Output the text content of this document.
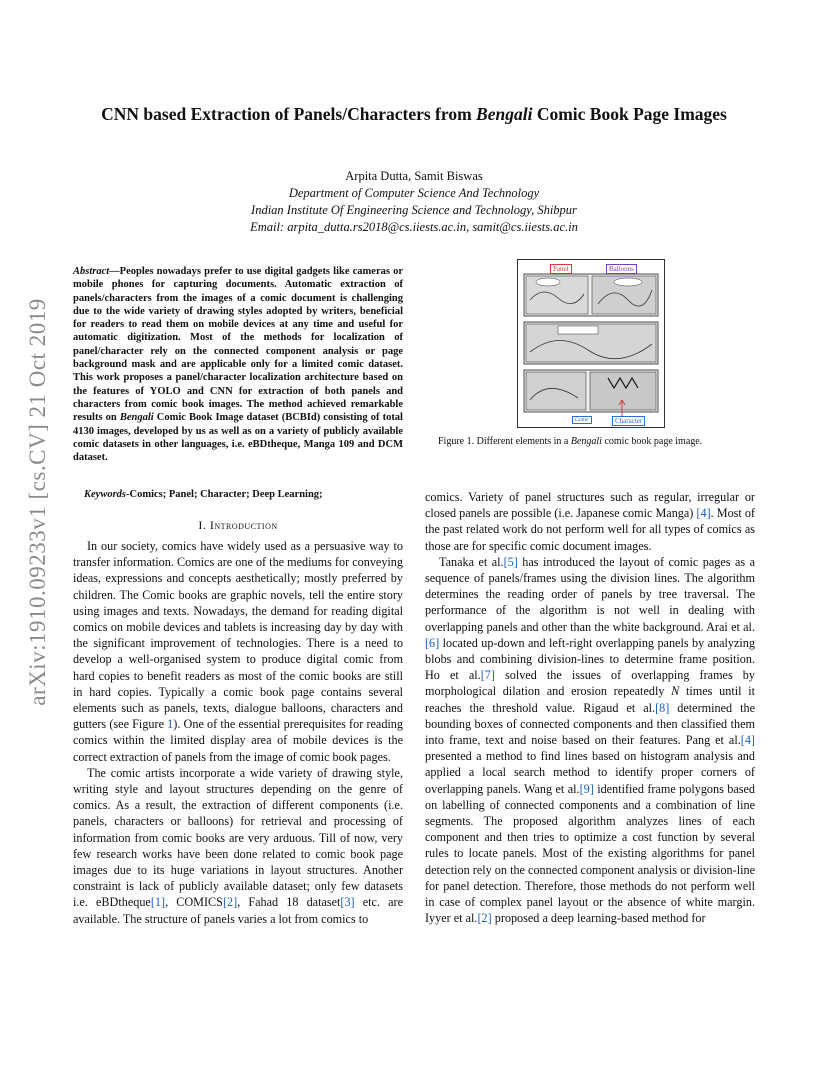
arXiv:1910.09233v1 [cs.CV] 21 Oct 2019
CNN based Extraction of Panels/Characters from Bengali Comic Book Page Images
Arpita Dutta, Samit Biswas
Department of Computer Science And Technology
Indian Institute Of Engineering Science and Technology, Shibpur
Email: arpita_dutta.rs2018@cs.iiests.ac.in, samit@cs.iiests.ac.in
Abstract—Peoples nowadays prefer to use digital gadgets like cameras or mobile phones for capturing documents. Automatic extraction of panels/characters from the images of a comic document is challenging due to the wide variety of drawing styles adopted by writers, beneficial for readers to read them on mobile devices at any time and useful for automatic digitization. Most of the methods for localization of panel/character rely on the connected component analysis or page background mask and are applicable only for a limited comic dataset. This work proposes a panel/character localization architecture based on the features of YOLO and CNN for extraction of both panels and characters from comic book images. The method achieved remarkable results on Bengali Comic Book Image dataset (BCBId) consisting of total 4130 images, developed by us as well as on a variety of publicly available comic datasets in other languages, i.e. eBDtheque, Manga 109 and DCM dataset.
Keywords-Comics; Panel; Character; Deep Learning;
I. Introduction

In our society, comics have widely used as a persuasive way to transfer information. Comics are one of the mediums for conveying ideas, expressions and concepts aesthetically; mostly preferred by children. The Comic books are graphic novels, tell the entire story using images and texts. Nowadays, the demand for reading digital comics on mobile devices and tablets is increasing day by day with the significant improvement of technologies. There is a need to develop a well-organised system to produce digital comic from hard copies to benefit readers as most of the comic books are still in hard copies. Typically a comic book page contains several elements such as panels, texts, dialogue balloons, characters and gutters (see Figure 1). One of the essential prerequisites for reading comics within the limited display area of mobile devices is the correct extraction of panels from the image of comic book pages.

The comic artists incorporate a wide variety of drawing style, writing style and layout structures depending on the genre of comics. As a result, the extraction of different components (i.e. panels, characters or balloons) for retrieval and processing of information from comic books are very arduous. Till of now, very few research works have been done related to comic book page images due to its huge variations in layout structures. Another constraint is lack of publicly available dataset; only few datasets i.e. eBDtheque[1], COMICS[2], Fahad 18 dataset[3] etc. are available. The structure of panels varies a lot from comics to

Panel	Balloons
Gutter	Character
Figure 1. Different elements in a Bengali comic book page image.

comics. Variety of panel structures such as regular, irregular or closed panels are possible (i.e. Japanese comic Manga) [4]. Most of the past related work do not perform well for all types of comics as those are for specific comic document images.

Tanaka et al.[5] has introduced the layout of comic pages as a sequence of panels/frames using the division lines. The algorithm determines the reading order of panels by tree traversal. The performance of the algorithm is not well in dealing with overlapping panels and other than the white background. Arai et al.[6] located up-down and left-right overlapping panels by analyzing blobs and combining division-lines to determine frame position. Ho et al.[7] solved the issues of overlapping frames by morphological dilation and erosion repeatedly N times until it reaches the threshold value. Rigaud et al.[8] determined the bounding boxes of connected components and then classified them into frame, text and noise based on their features. Pang et al.[4] presented a method to find lines based on histogram analysis and applied a local search method to identify proper corners of overlapping panels. Wang et al.[9] identified frame polygons based on labelling of connected components and a combination of line segments. The proposed algorithm analyzes lines of each component and then tries to optimize a cost function by several rules to locate panels. Most of the existing algorithms for panel detection rely on the connected component analysis or division-line for panel detection. Therefore, those methods do not perform well in case of complex panel layout or the absence of white margin. Iyyer et al.[2] proposed a deep learning-based method for
